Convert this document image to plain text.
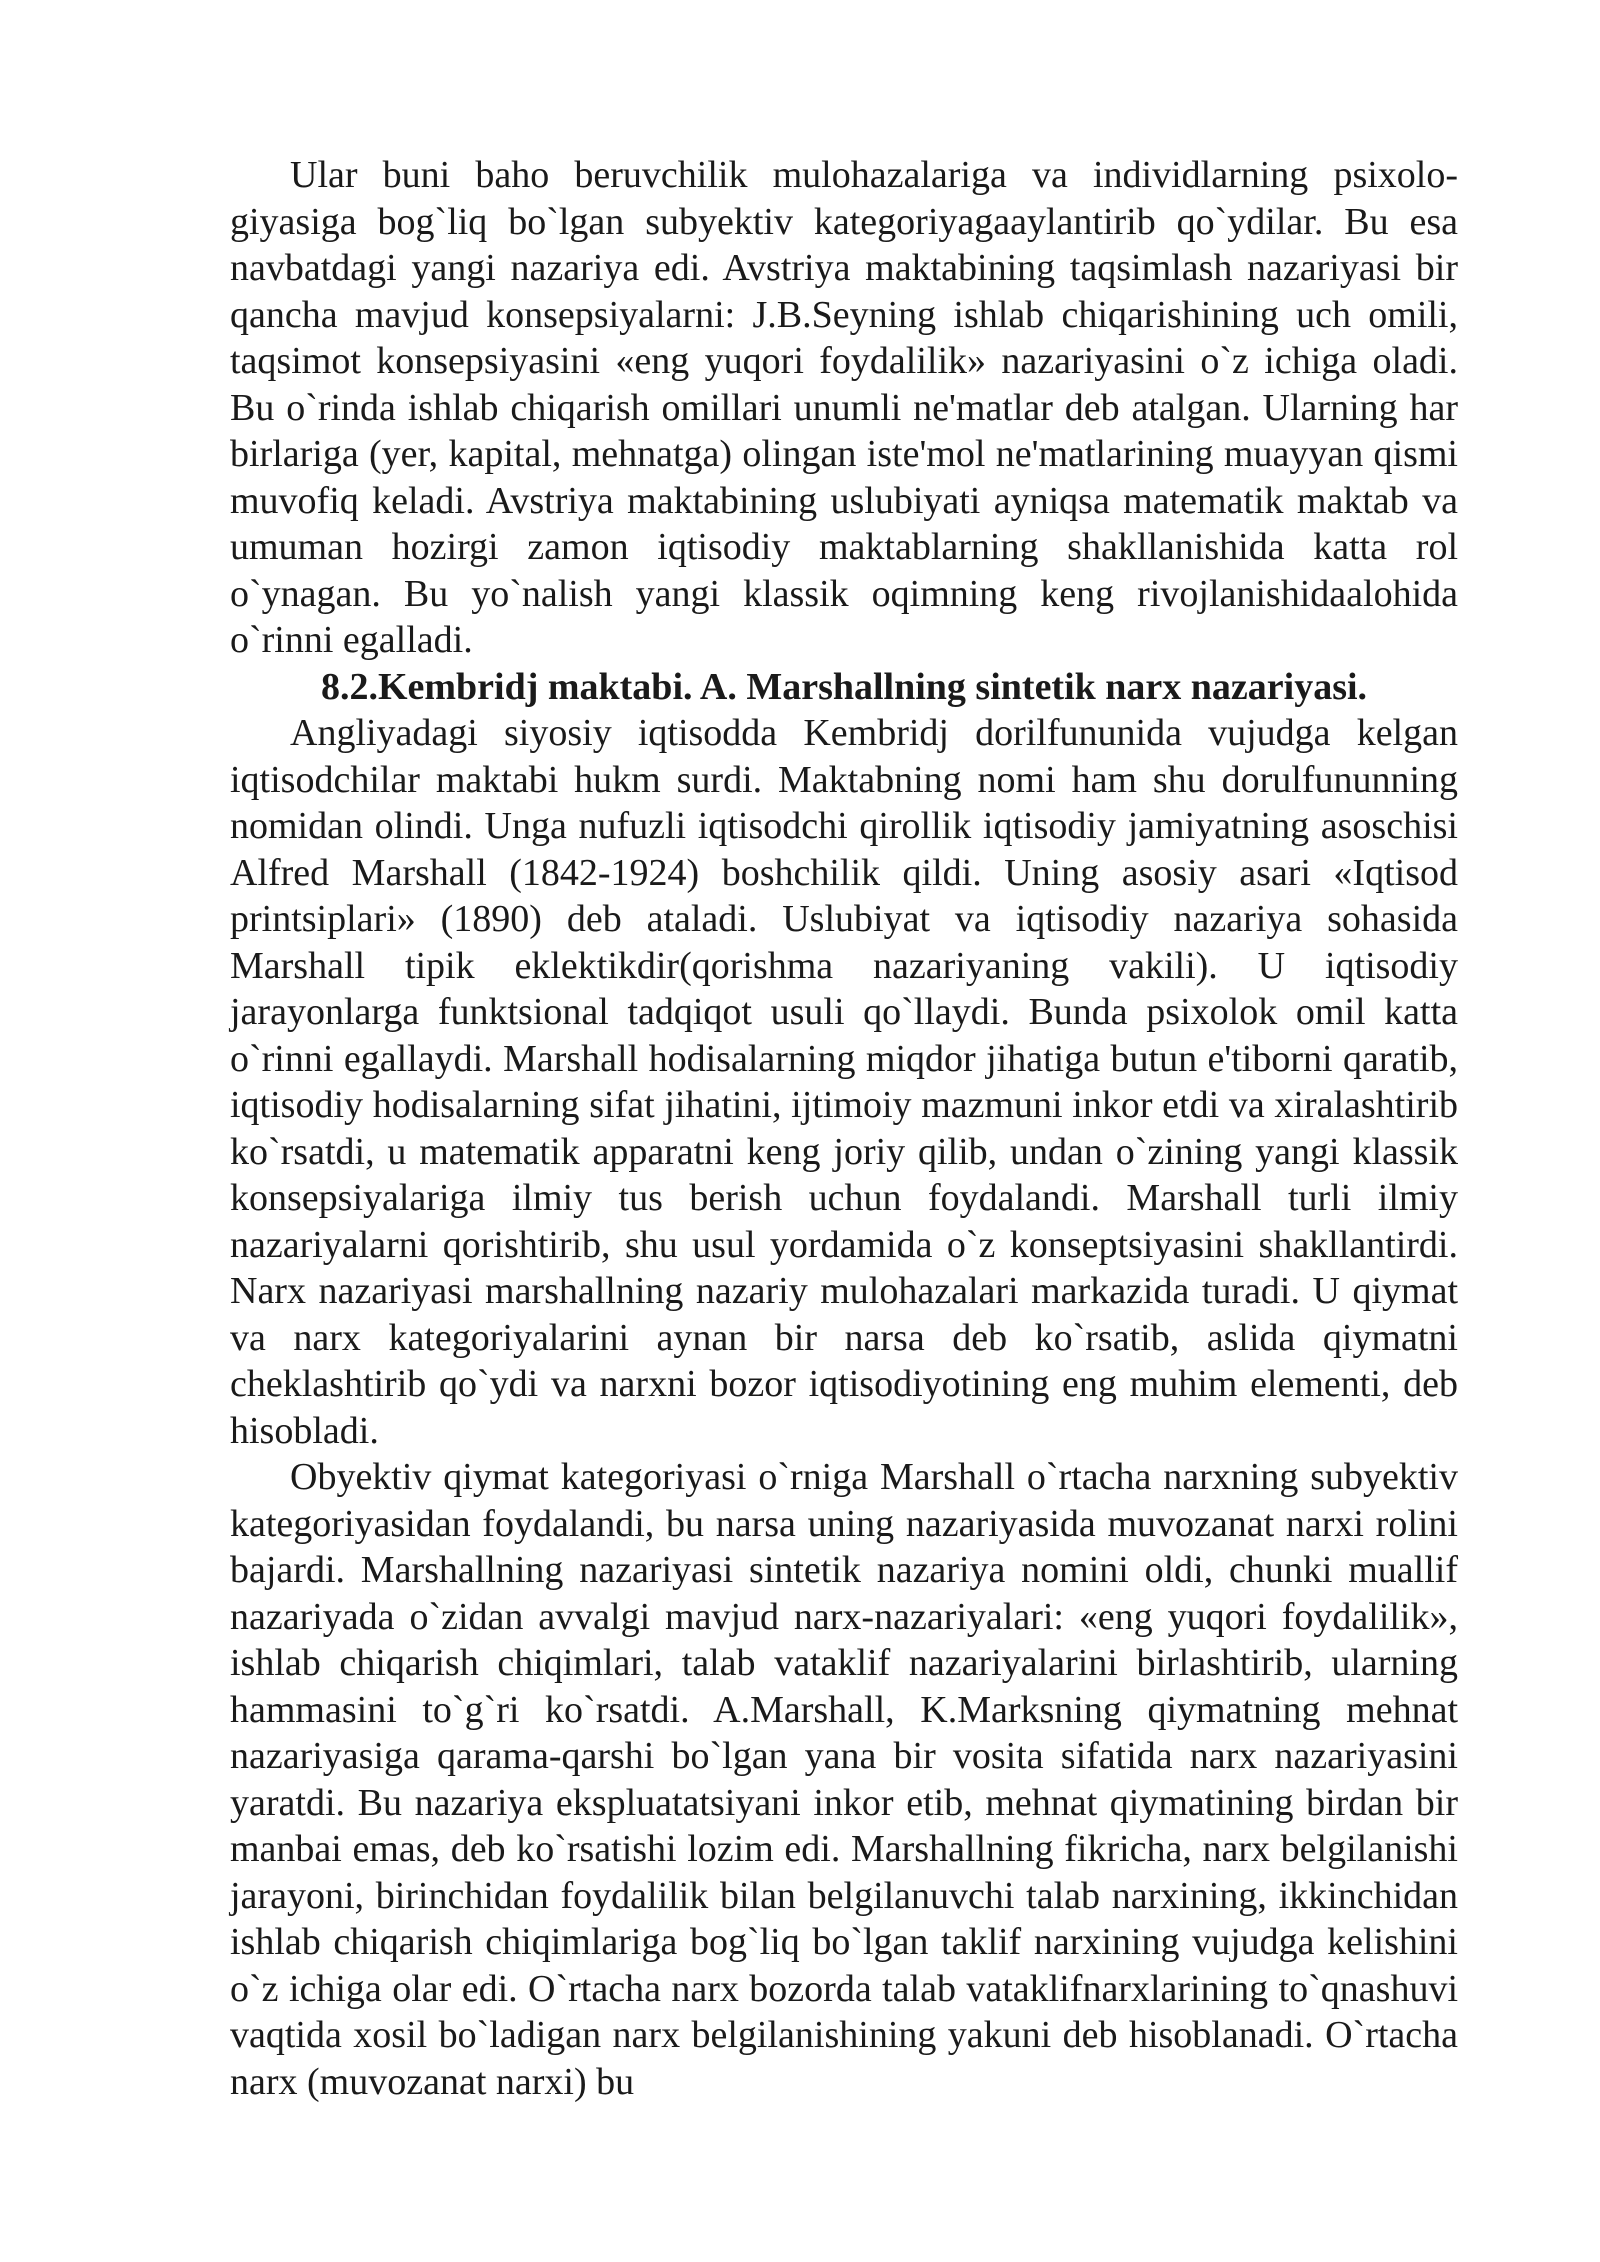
Ular buni baho beruvchilik mulohazalariga va individlarning psixolo-giyasiga bog`liq bo`lgan subyektiv kategoriyagaaylantirib qo`ydilar. Bu esa navbatdagi yangi nazariya edi. Avstriya maktabining taqsimlash nazariyasi bir qancha mavjud konsepsiyalarni: J.B.Seyning ishlab chiqarishining uch omili, taqsimot konsepsiyasini «eng yuqori foydalilik» nazariyasini o`z ichiga oladi. Bu o`rinda ishlab chiqarish omillari unumli ne'matlar deb atalgan. Ularning har birlariga (yer, kapital, mehnatga) olingan iste'mol ne'matlarining muayyan qismi muvofiq keladi. Avstriya maktabining uslubiyati ayniqsa matematik maktab va umuman hozirgi zamon iqtisodiy maktablarning shakllanishida katta rol o`ynagan. Bu yo`nalish yangi klassik oqimning keng rivojlanishidaalohida o`rinni egalladi.

8.2.Kembridj maktabi. A. Marshallning sintetik narx nazariyasi.

Angliyadagi siyosiy iqtisodda Kembridj dorilfununida vujudga kelgan iqtisodchilar maktabi hukm surdi. Maktabning nomi ham shu dorulfununning nomidan olindi. Unga nufuzli iqtisodchi qirollik iqtisodiy jamiyatning asoschisi Alfred Marshall (1842-1924) boshchilik qildi. Uning asosiy asari «Iqtisod printsiplari» (1890) deb ataladi. Uslubiyat va iqtisodiy nazariya sohasida Marshall tipik eklektikdir(qorishma nazariyaning vakili). U iqtisodiy jarayonlarga funktsional tadqiqot usuli qo`llaydi. Bunda psixolok omil katta o`rinni egallaydi. Marshall hodisalarning miqdor jihatiga butun e'tiborni qaratib, iqtisodiy hodisalarning sifat jihatini, ijtimoiy mazmuni inkor etdi va xiralashtirib ko`rsatdi, u matematik apparatni keng joriy qilib, undan o`zining yangi klassik konsepsiyalariga ilmiy tus berish uchun foydalandi. Marshall turli ilmiy nazariyalarni qorishtirib, shu usul yordamida o`z konseptsiyasini shakllantirdi. Narx nazariyasi marshallning nazariy mulohazalari markazida turadi. U qiymat va narx kategoriyalarini aynan bir narsa deb ko`rsatib, aslida qiymatni cheklashtirib qo`ydi va narxni bozor iqtisodiyotining eng muhim elementi, deb hisobladi.

Obyektiv qiymat kategoriyasi o`rniga Marshall o`rtacha narxning subyektiv kategoriyasidan foydalandi, bu narsa uning nazariyasida muvozanat narxi rolini bajardi. Marshallning nazariyasi sintetik nazariya nomini oldi, chunki muallif nazariyada o`zidan avvalgi mavjud narx-nazariyalari: «eng yuqori foydalilik», ishlab chiqarish chiqimlari, talab vataklif nazariyalarini birlashtirib, ularning hammasini to`g`ri ko`rsatdi. A.Marshall, K.Marksning qiymatning mehnat nazariyasiga qarama-qarshi bo`lgan yana bir vosita sifatida narx nazariyasini yaratdi. Bu nazariya ekspluatatsiyani inkor etib, mehnat qiymatining birdan bir manbai emas, deb ko`rsatishi lozim edi. Marshallning fikricha, narx belgilanishi jarayoni, birinchidan foydalilik bilan belgilanuvchi talab narxining, ikkinchidan ishlab chiqarish chiqimlariga bog`liq bo`lgan taklif narxining vujudga kelishini o`z ichiga olar edi. O`rtacha narx bozorda talab vataklifnarxlarining to`qnashuvi vaqtida xosil bo`ladigan narx belgilanishining yakuni deb hisoblanadi. O`rtacha narx (muvozanat narxi) bu
